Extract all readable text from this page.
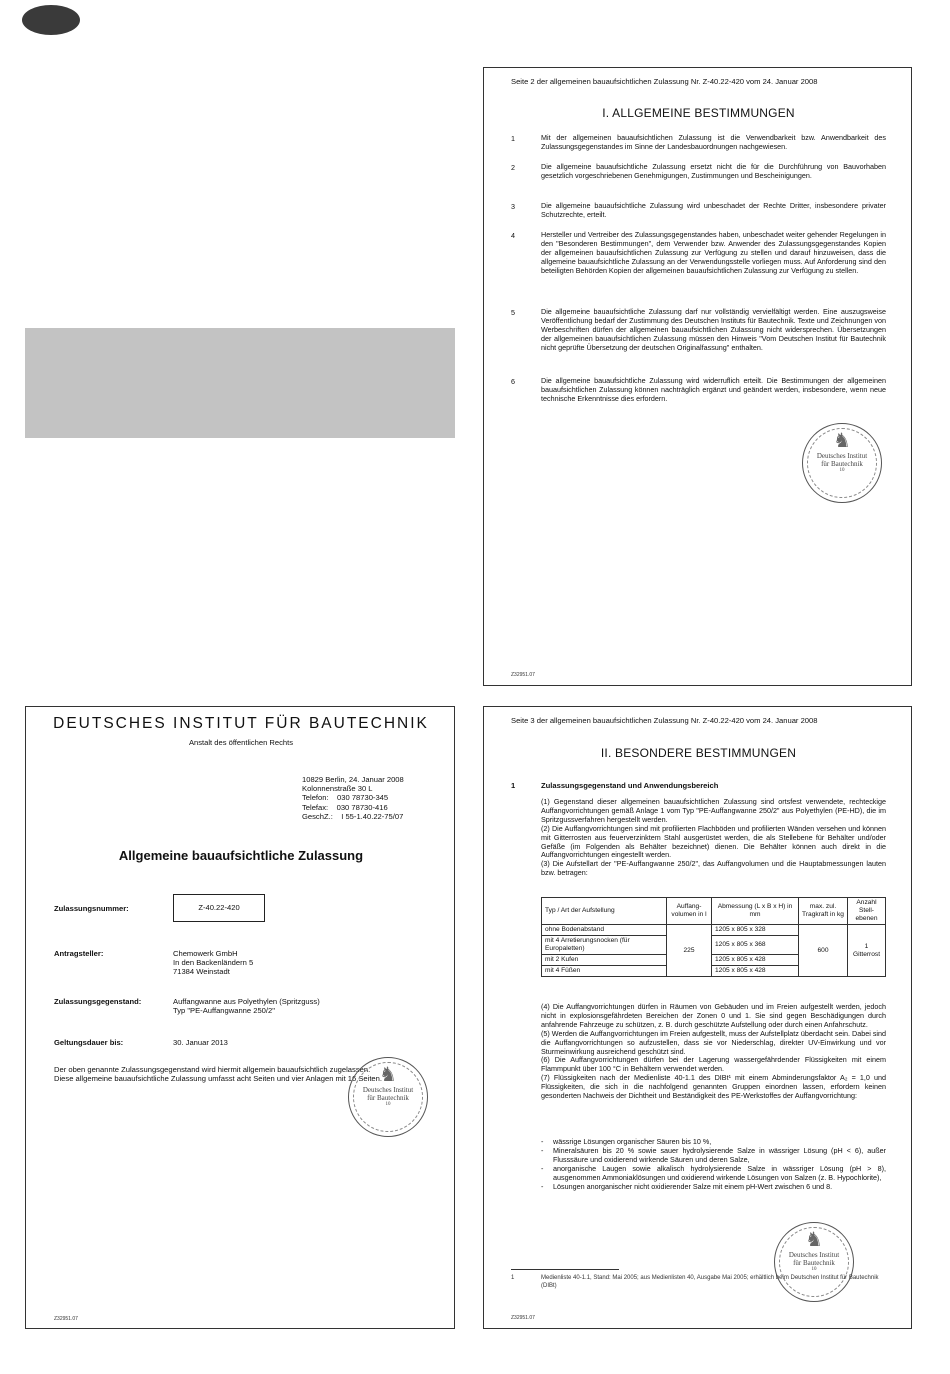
Seite 2 der allgemeinen bauaufsichtlichen Zulassung Nr. Z-40.22-420 vom 24. Januar 2008
I. ALLGEMEINE BESTIMMUNGEN
1	Mit der allgemeinen bauaufsichtlichen Zulassung ist die Verwendbarkeit bzw. Anwendbarkeit des Zulassungsgegenstandes im Sinne der Landesbauordnungen nachgewiesen.
2	Die allgemeine bauaufsichtliche Zulassung ersetzt nicht die für die Durchführung von Bauvorhaben gesetzlich vorgeschriebenen Genehmigungen, Zustimmungen und Bescheinigungen.
3	Die allgemeine bauaufsichtliche Zulassung wird unbeschadet der Rechte Dritter, insbesondere privater Schutzrechte, erteilt.
4	Hersteller und Vertreiber des Zulassungsgegenstandes haben, unbeschadet weiter gehender Regelungen in den "Besonderen Bestimmungen", dem Verwender bzw. Anwender des Zulassungsgegenstandes Kopien der allgemeinen bauaufsichtlichen Zulassung zur Verfügung zu stellen und darauf hinzuweisen, dass die allgemeine bauaufsichtliche Zulassung an der Verwendungsstelle vorliegen muss. Auf Anforderung sind den beteiligten Behörden Kopien der allgemeinen bauaufsichtlichen Zulassung zur Verfügung zu stellen.
5	Die allgemeine bauaufsichtliche Zulassung darf nur vollständig vervielfältigt werden. Eine auszugsweise Veröffentlichung bedarf der Zustimmung des Deutschen Instituts für Bautechnik. Texte und Zeichnungen von Werbeschriften dürfen der allgemeinen bauaufsichtlichen Zulassung nicht widersprechen. Übersetzungen der allgemeinen bauaufsichtlichen Zulassung müssen den Hinweis "Vom Deutschen Institut für Bautechnik nicht geprüfte Übersetzung der deutschen Originalfassung" enthalten.
6	Die allgemeine bauaufsichtliche Zulassung wird widerruflich erteilt. Die Bestimmungen der allgemeinen bauaufsichtlichen Zulassung können nachträglich ergänzt und geändert werden, insbesondere, wenn neue technische Erkenntnisse dies erfordern.
♞
Deutsches Institut
für Bautechnik
10
Z32951.07
DEUTSCHES INSTITUT FÜR BAUTECHNIK
Anstalt des öffentlichen Rechts
10829 Berlin, 24. Januar 2008
Kolonnenstraße 30 L
Telefon:    030 78730-345
Telefax:    030 78730-416
GeschZ.:    I 55-1.40.22-75/07
Allgemeine bauaufsichtliche Zulassung
Zulassungsnummer:	Z-40.22-420
Antragsteller:	Chemowerk GmbH
In den Backenländern 5
71384 Weinstadt
Zulassungsgegenstand:	Auffangwanne aus Polyethylen (Spritzguss)
Typ "PE-Auffangwanne 250/2"
Geltungsdauer bis:	30. Januar 2013
Der oben genannte Zulassungsgegenstand wird hiermit allgemein bauaufsichtlich zugelassen.
Diese allgemeine bauaufsichtliche Zulassung umfasst acht Seiten und vier Anlagen mit 16 Seiten.
♞
Deutsches Institut
für Bautechnik
10
Z32951.07
Seite 3 der allgemeinen bauaufsichtlichen Zulassung Nr. Z-40.22-420 vom 24. Januar 2008
II. BESONDERE BESTIMMUNGEN
1	Zulassungsgegenstand und Anwendungsbereich
(1) Gegenstand dieser allgemeinen bauaufsichtlichen Zulassung sind ortsfest verwendete, rechteckige Auffangvorrichtungen gemäß Anlage 1 vom Typ "PE-Auffangwanne 250/2" aus Polyethylen (PE-HD), die im Spritzgussverfahren hergestellt werden.
(2) Die Auffangvorrichtungen sind mit profilierten Flachböden und profilierten Wänden versehen und können mit Gitterrosten aus feuerverzinktem Stahl ausgerüstet werden, die als Stellebene für Behälter und/oder Gefäße (im Folgenden als Behälter bezeichnet) dienen. Die Behälter können auch direkt in die Auffangvorrichtungen eingestellt werden.
(3) Die Aufstellart der "PE-Auffangwanne 250/2", das Auffangvolumen und die Hauptabmessungen lauten bzw. betragen:
Typ / Art der Aufstellung	Auffang-volumen in l	Abmessung (L x B x H) in mm	max. zul. Tragkraft in kg	Anzahl Stell-ebenen
ohne Bodenabstand	225	1205 x 805 x 328	600	1 Gitterrost
mit 4 Arretierungsnocken (für Europaletten)		1205 x 805 x 368		
mit 2 Kufen		1205 x 805 x 428		
mit 4 Füßen		1205 x 805 x 428		
(4) Die Auffangvorrichtungen dürfen in Räumen von Gebäuden und im Freien aufgestellt werden, jedoch nicht in explosionsgefährdeten Bereichen der Zonen 0 und 1. Sie sind gegen Beschädigungen durch anfahrende Fahrzeuge zu schützen, z. B. durch geschützte Aufstellung oder durch einen Anfahrschutz.
(5) Werden die Auffangvorrichtungen im Freien aufgestellt, muss der Aufstellplatz überdacht sein. Dabei sind die Auffangvorrichtungen so aufzustellen, dass sie vor Niederschlag, direkter UV-Einwirkung und vor Sturmeinwirkung ausreichend geschützt sind.
(6) Die Auffangvorrichtungen dürfen bei der Lagerung wassergefährdender Flüssigkeiten mit einem Flammpunkt über 100 °C in Behältern verwendet werden.
(7) Flüssigkeiten nach der Medienliste 40-1.1 des DIBt¹ mit einem Abminderungsfaktor A₂ = 1,0 und Flüssigkeiten, die sich in die nachfolgend genannten Gruppen einordnen lassen, erfordern keinen gesonderten Nachweis der Dichtheit und Beständigkeit des PE-Werkstoffes der Auffangvorrichtung:
-	wässrige Lösungen organischer Säuren bis 10 %,
-	Mineralsäuren bis 20 % sowie sauer hydrolysierende Salze in wässriger Lösung (pH < 6), außer Flusssäure und oxidierend wirkende Säuren und deren Salze,
-	anorganische Laugen sowie alkalisch hydrolysierende Salze in wässriger Lösung (pH > 8), ausgenommen Ammoniaklösungen und oxidierend wirkende Lösungen von Salzen (z. B. Hypochlorite),
-	Lösungen anorganischer nicht oxidierender Salze mit einem pH-Wert zwischen 6 und 8.
♞
Deutsches Institut
für Bautechnik
10
1	Medienliste 40-1.1, Stand: Mai 2005; aus Medienlisten 40, Ausgabe Mai 2005; erhältlich beim Deutschen Institut für Bautechnik (DIBt)
Z32951.07
